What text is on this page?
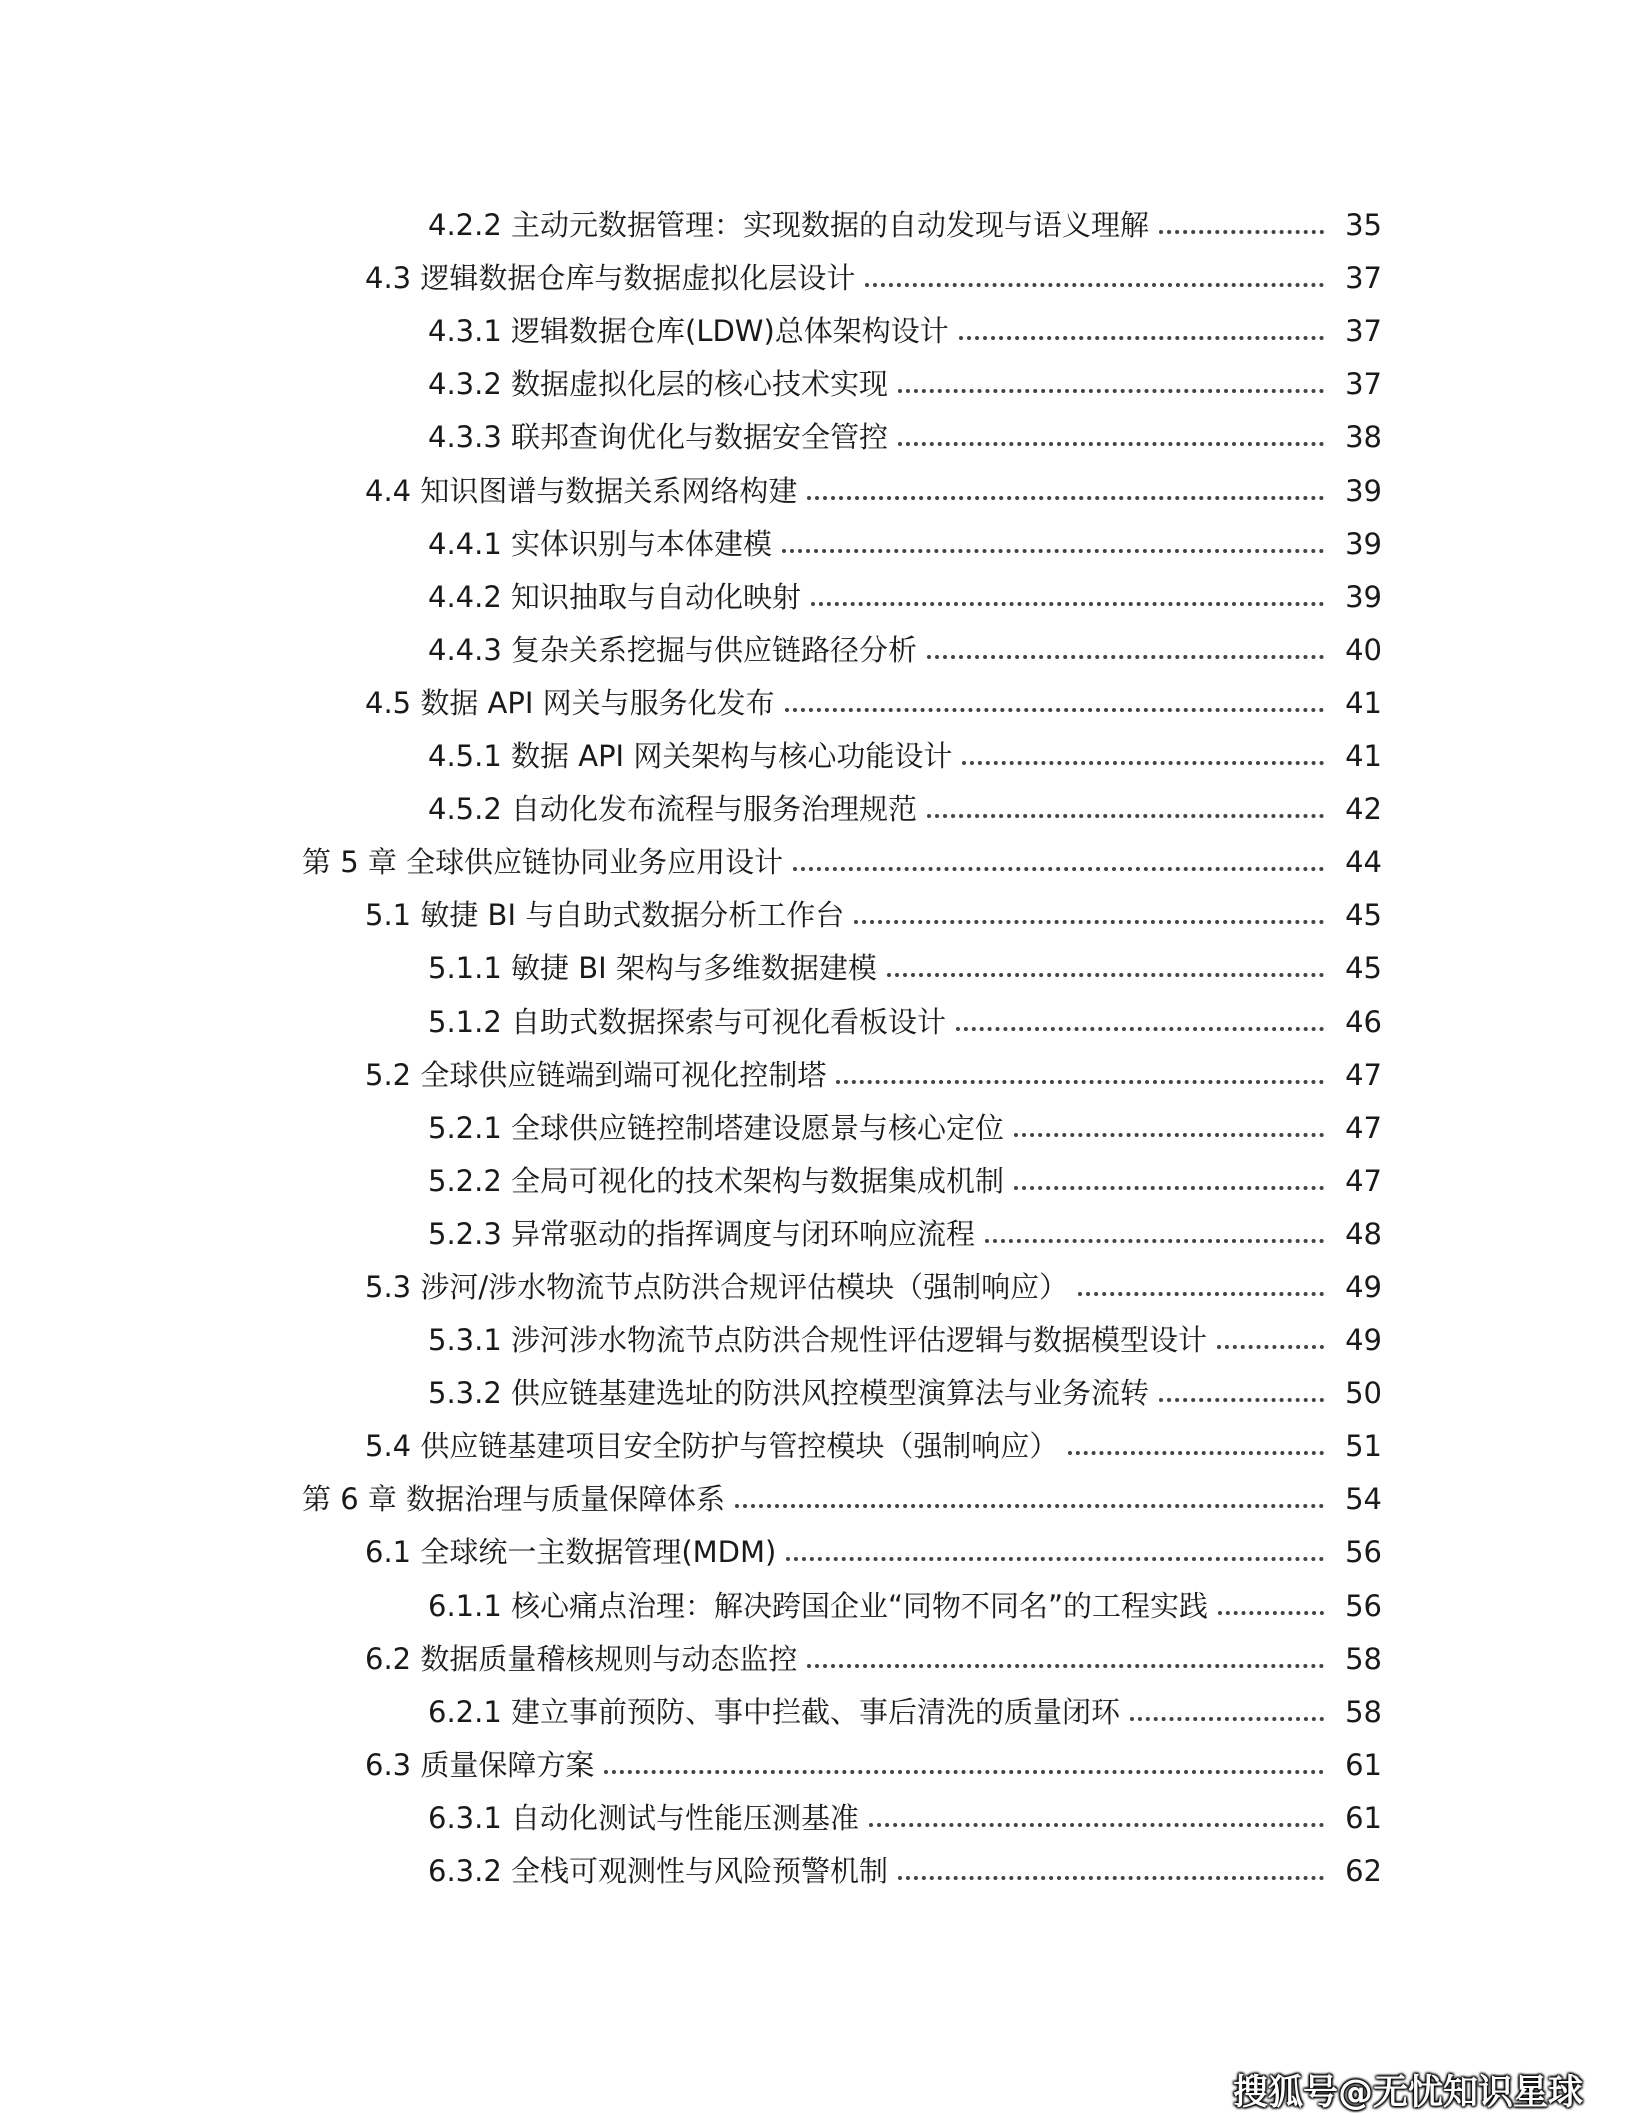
4.2.2 主动元数据管理：实现数据的自动发现与语义理解	35
4.3 逻辑数据仓库与数据虚拟化层设计	37
4.3.1 逻辑数据仓库(LDW)总体架构设计	37
4.3.2 数据虚拟化层的核心技术实现	37
4.3.3 联邦查询优化与数据安全管控	38
4.4 知识图谱与数据关系网络构建	39
4.4.1 实体识别与本体建模	39
4.4.2 知识抽取与自动化映射	39
4.4.3 复杂关系挖掘与供应链路径分析	40
4.5 数据 API 网关与服务化发布	41
4.5.1 数据 API 网关架构与核心功能设计	41
4.5.2 自动化发布流程与服务治理规范	42
第 5 章 全球供应链协同业务应用设计	44
5.1 敏捷 BI 与自助式数据分析工作台	45
5.1.1 敏捷 BI 架构与多维数据建模	45
5.1.2 自助式数据探索与可视化看板设计	46
5.2 全球供应链端到端可视化控制塔	47
5.2.1 全球供应链控制塔建设愿景与核心定位	47
5.2.2 全局可视化的技术架构与数据集成机制	47
5.2.3 异常驱动的指挥调度与闭环响应流程	48
5.3 涉河/涉水物流节点防洪合规评估模块（强制响应）	49
5.3.1 涉河涉水物流节点防洪合规性评估逻辑与数据模型设计	49
5.3.2 供应链基建选址的防洪风控模型演算法与业务流转	50
5.4 供应链基建项目安全防护与管控模块（强制响应）	51
第 6 章 数据治理与质量保障体系	54
6.1 全球统一主数据管理(MDM)	56
6.1.1 核心痛点治理：解决跨国企业“同物不同名”的工程实践	56
6.2 数据质量稽核规则与动态监控	58
6.2.1 建立事前预防、事中拦截、事后清洗的质量闭环	58
6.3 质量保障方案	61
6.3.1 自动化测试与性能压测基准	61
6.3.2 全栈可观测性与风险预警机制	62
搜狐号@无忧知识星球
